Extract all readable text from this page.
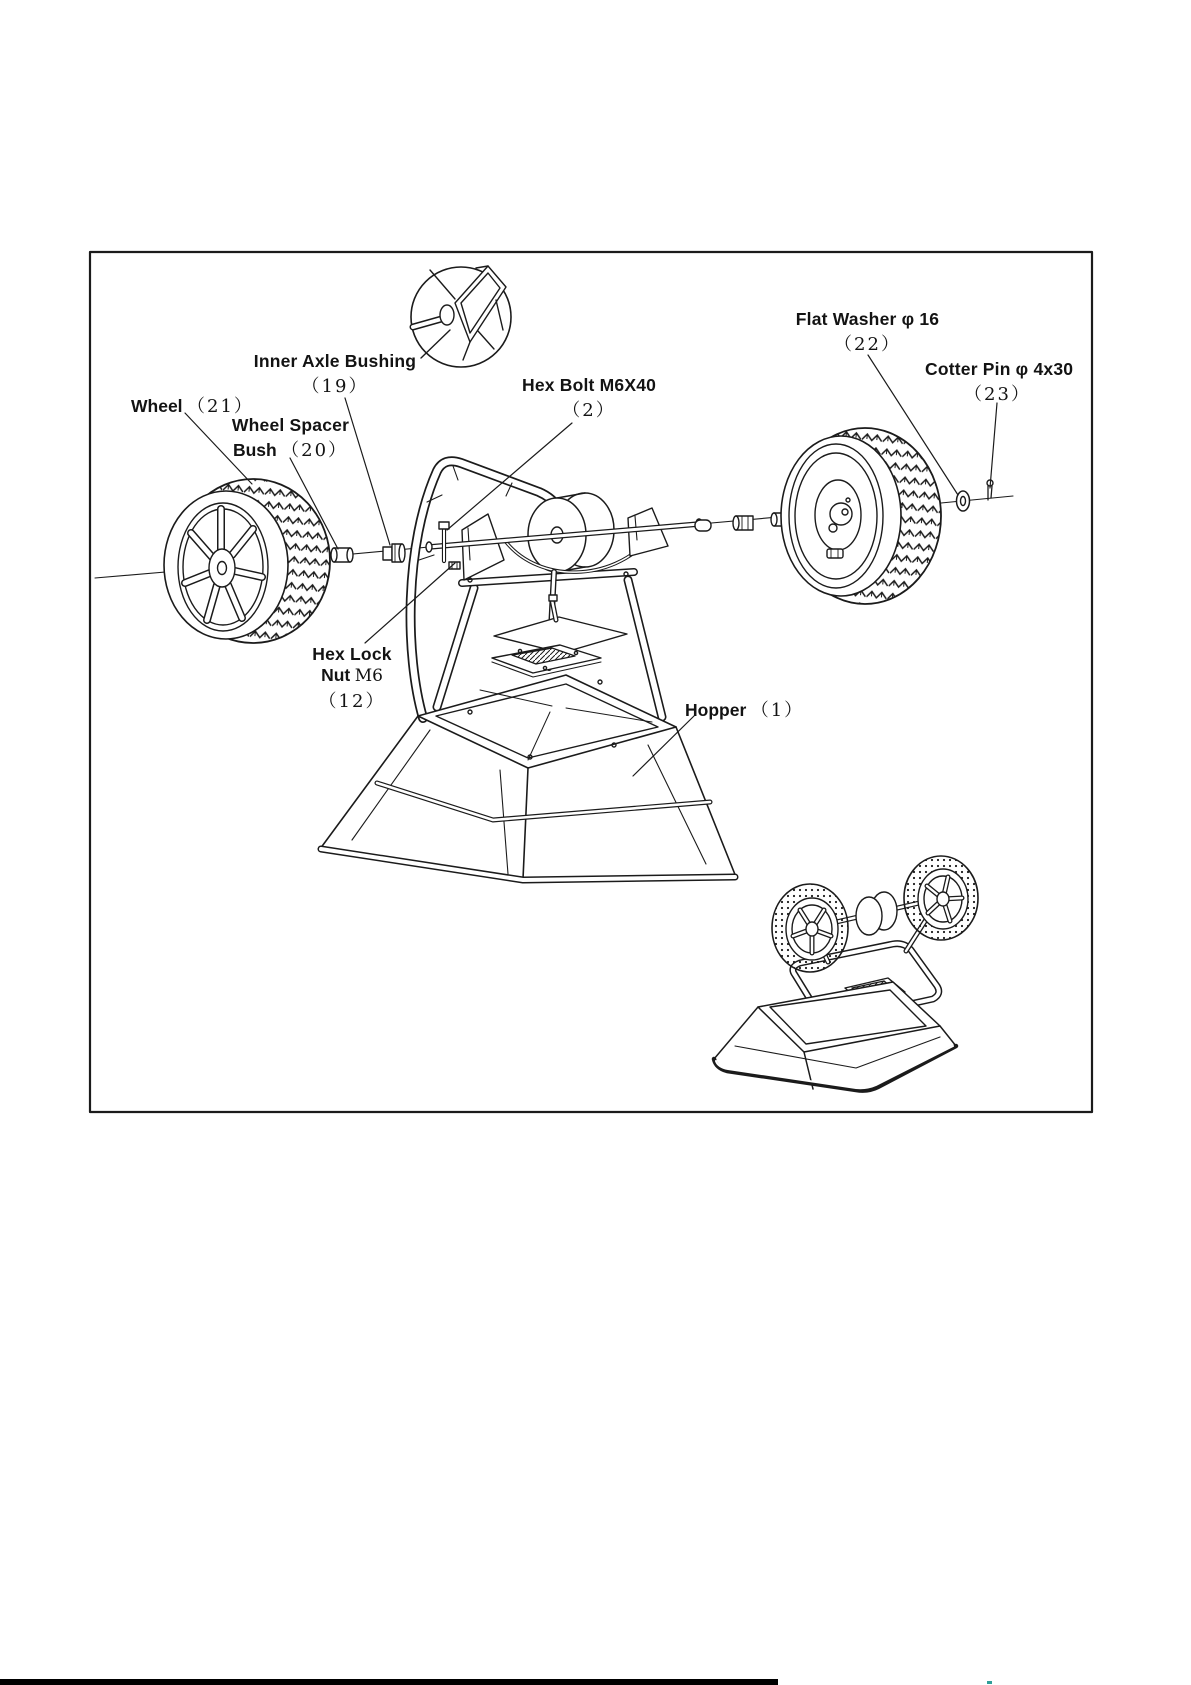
Inner Axle Bushing
（19）
Wheel （21）
Wheel Spacer
Bush （20）
Hex Bolt M6X40
（2）
Flat Washer φ 16
（22）
Cotter Pin φ 4x30
（23）
Hex Lock
Nut M6
（12）	Hopper （1）
